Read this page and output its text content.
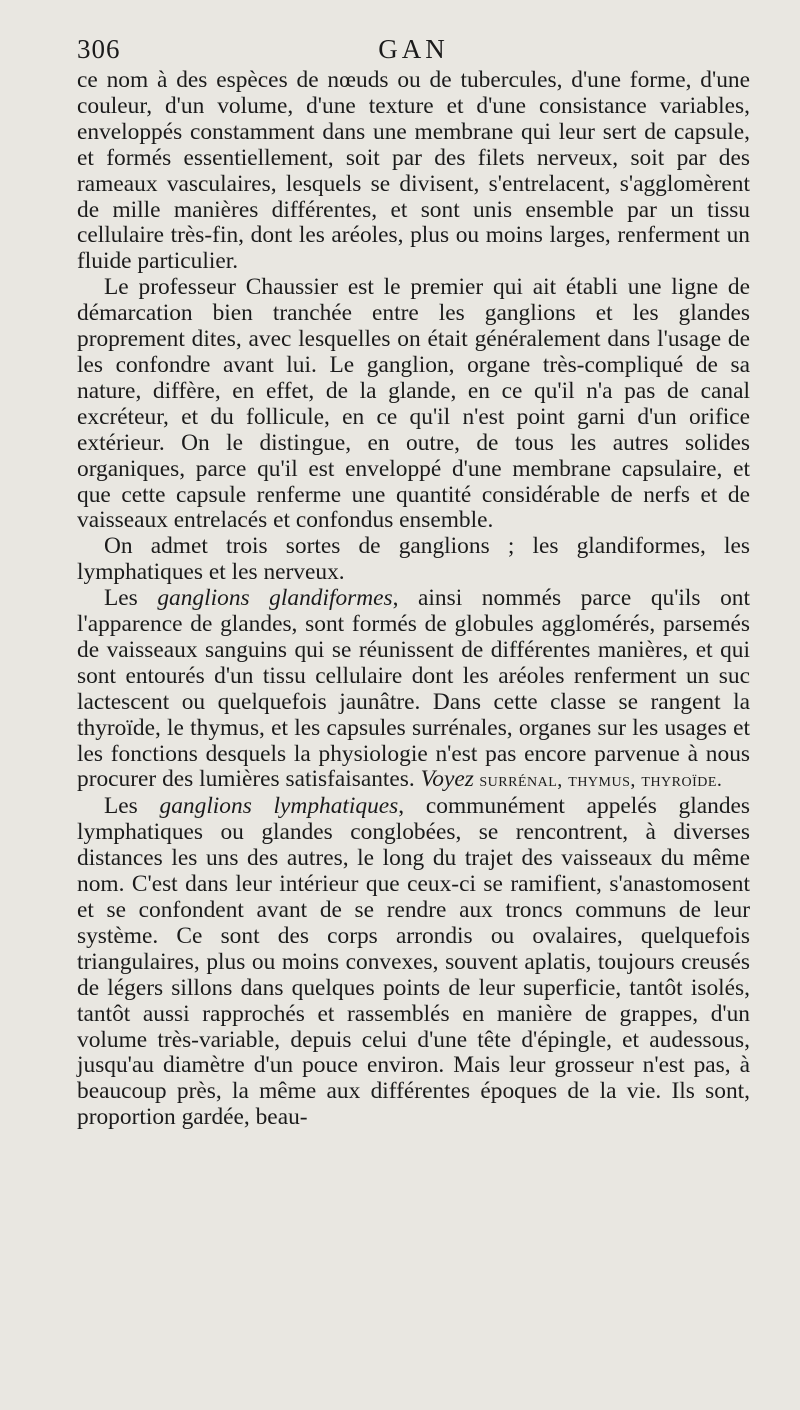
306	GAN

ce nom à des espèces de nœuds ou de tubercules, d'une forme, d'une couleur, d'un volume, d'une texture et d'une consistance variables, enveloppés constamment dans une membrane qui leur sert de capsule, et formés essentiellement, soit par des filets nerveux, soit par des rameaux vasculaires, lesquels se divisent, s'entrelacent, s'agglomèrent de mille manières différentes, et sont unis ensemble par un tissu cellulaire très-fin, dont les aréoles, plus ou moins larges, renferment un fluide particulier.

Le professeur Chaussier est le premier qui ait établi une ligne de démarcation bien tranchée entre les ganglions et les glandes proprement dites, avec lesquelles on était généralement dans l'usage de les confondre avant lui. Le ganglion, organe très-compliqué de sa nature, diffère, en effet, de la glande, en ce qu'il n'a pas de canal excréteur, et du follicule, en ce qu'il n'est point garni d'un orifice extérieur. On le distingue, en outre, de tous les autres solides organiques, parce qu'il est enveloppé d'une membrane capsulaire, et que cette capsule renferme une quantité considérable de nerfs et de vaisseaux entrelacés et confondus ensemble.

On admet trois sortes de ganglions ; les glandiformes, les lymphatiques et les nerveux.

Les ganglions glandiformes, ainsi nommés parce qu'ils ont l'apparence de glandes, sont formés de globules agglomérés, parsemés de vaisseaux sanguins qui se réunissent de différentes manières, et qui sont entourés d'un tissu cellulaire dont les aréoles renferment un suc lactescent ou quelquefois jaunâtre. Dans cette classe se rangent la thyroïde, le thymus, et les capsules surrénales, organes sur les usages et les fonctions desquels la physiologie n'est pas encore parvenue à nous procurer des lumières satisfaisantes. Voyez surrénal, thymus, thyroïde.

Les ganglions lymphatiques, communément appelés glandes lymphatiques ou glandes conglobées, se rencontrent, à diverses distances les uns des autres, le long du trajet des vaisseaux du même nom. C'est dans leur intérieur que ceux-ci se ramifient, s'anastomosent et se confondent avant de se rendre aux troncs communs de leur système. Ce sont des corps arrondis ou ovalaires, quelquefois triangulaires, plus ou moins convexes, souvent aplatis, toujours creusés de légers sillons dans quelques points de leur superficie, tantôt isolés, tantôt aussi rapprochés et rassemblés en manière de grappes, d'un volume très-variable, depuis celui d'une tête d'épingle, et audessous, jusqu'au diamètre d'un pouce environ. Mais leur grosseur n'est pas, à beaucoup près, la même aux différentes époques de la vie. Ils sont, proportion gardée, beau-
